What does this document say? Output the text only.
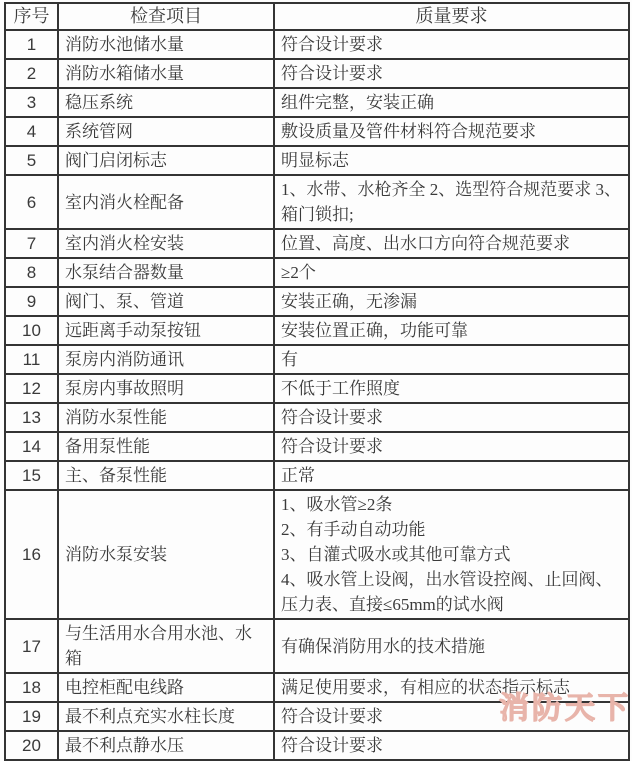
序号	检查项目	质量要求
1	消防水池储水量	符合设计要求

2	消防水箱储水量	符合设计要求

3	稳压系统	组件完整，安装正确

4	系统管网	敷设质量及管件材料符合规范要求

5	阀门启闭标志	明显标志

6	室内消火栓配备	1、水带、水枪齐全 2、选型符合规范要求 3、箱门锁扣;

7	室内消火栓安装	位置、高度、出水口方向符合规范要求

8	水泵结合器数量	≥2个

9	阀门、泵、管道	安装正确，无渗漏

10	远距离手动泵按钮	安装位置正确，功能可靠

11	泵房内消防通讯	有

12	泵房内事故照明	不低于工作照度

13	消防水泵性能	符合设计要求

14	备用泵性能	符合设计要求

15	主、备泵性能	正常

16	消防水泵安装	1、吸水管≥2条
2、有手动自动功能
3、自灌式吸水或其他可靠方式
4、吸水管上设阀，出水管设控阀、止回阀、压力表、直接≤65mm的试水阀

17	与生活用水合用水池、水箱	有确保消防用水的技术措施

18	电控柜配电线路	满足使用要求，有相应的状态指示标志

19	最不利点充实水柱长度	符合设计要求

20	最不利点静水压	符合设计要求
消防天下
